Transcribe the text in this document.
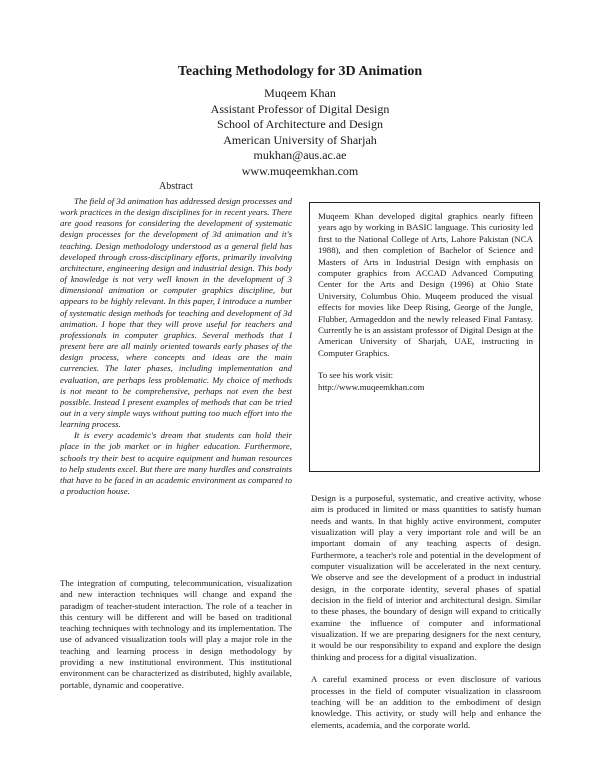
Teaching Methodology for 3D Animation
Muqeem Khan
Assistant Professor of Digital Design
School of Architecture and Design
American University of Sharjah
mukhan@aus.ac.ae
www.muqeemkhan.com
Abstract

The field of 3d animation has addressed design processes and work practices in the design disciplines for in recent years. There are good reasons for considering the development of systematic design processes for the development of 3d animation and it's teaching. Design methodology understood as a general field has developed through cross-disciplinary efforts, primarily involving architecture, engineering design and industrial design. This body of knowledge is not very well known in the development of 3 dimensional animation or computer graphics discipline, but appears to be highly relevant. In this paper, I introduce a number of systematic design methods for teaching and development of 3d animation. I hope that they will prove useful for teachers and professionals in computer graphics. Several methods that I present here are all mainly oriented towards early phases of the design process, where concepts and ideas are the main currencies. The later phases, including implementation and evaluation, are perhaps less problematic. My choice of methods is not meant to be comprehensive, perhaps not even the best possible. Instead I present examples of methods that can be tried out in a very simple ways without putting too much effort into the learning process.

It is every academic's dream that students can hold their place in the job market or in higher education. Furthermore, schools try their best to acquire equipment and human resources to help students excel. But there are many hurdles and constraints that have to be faced in an academic environment as compared to a production house.

Muqeem Khan developed digital graphics nearly fifteen years ago by working in BASIC language. This curiosity led first to the National College of Arts, Lahore Pakistan (NCA 1988), and then completion of Bachelor of Science and Masters of Arts in Industrial Design with emphasis on computer graphics from ACCAD Advanced Computing Center for the Arts and Design (1996) at Ohio State University, Columbus Ohio. Muqeem produced the visual effects for movies like Deep Rising, George of the Jungle, Flubber, Armageddon and the newly released Final Fantasy. Currently he is an assistant professor of Digital Design at the American University of Sharjah, UAE, instructing in Computer Graphics.

To see his work visit:

http://www.muqeemkhan.com

The integration of computing, telecommunication, visualization and new interaction techniques will change and expand the paradigm of teacher-student interaction. The role of a teacher in this century will be different and will be based on traditional teaching techniques with technology and its implementation. The use of advanced visualization tools will play a major role in the teaching and learning process in design methodology by providing a new institutional environment. This institutional environment can be characterized as distributed, highly available, portable, dynamic and cooperative.

Design is a purposeful, systematic, and creative activity, whose aim is produced in limited or mass quantities to satisfy human needs and wants. In that highly active environment, computer visualization will play a very important role and will be an important domain of any teaching aspects of design. Furthermore, a teacher's role and potential in the development of computer visualization will be accelerated in the next century. We observe and see the development of a product in industrial design, in the corporate identity, several phases of spatial decision in the field of interior and architectural design. Similar to these phases, the boundary of design will expand to critically examine the influence of computer and informational visualization. If we are preparing designers for the next century, it would be our responsibility to expand and explore the design thinking and process for a digital visualization.

A careful examined process or even disclosure of various processes in the field of computer visualization in classroom teaching will be an addition to the embodiment of design knowledge. This activity, or study will help and enhance the elements, academia, and the corporate world.
